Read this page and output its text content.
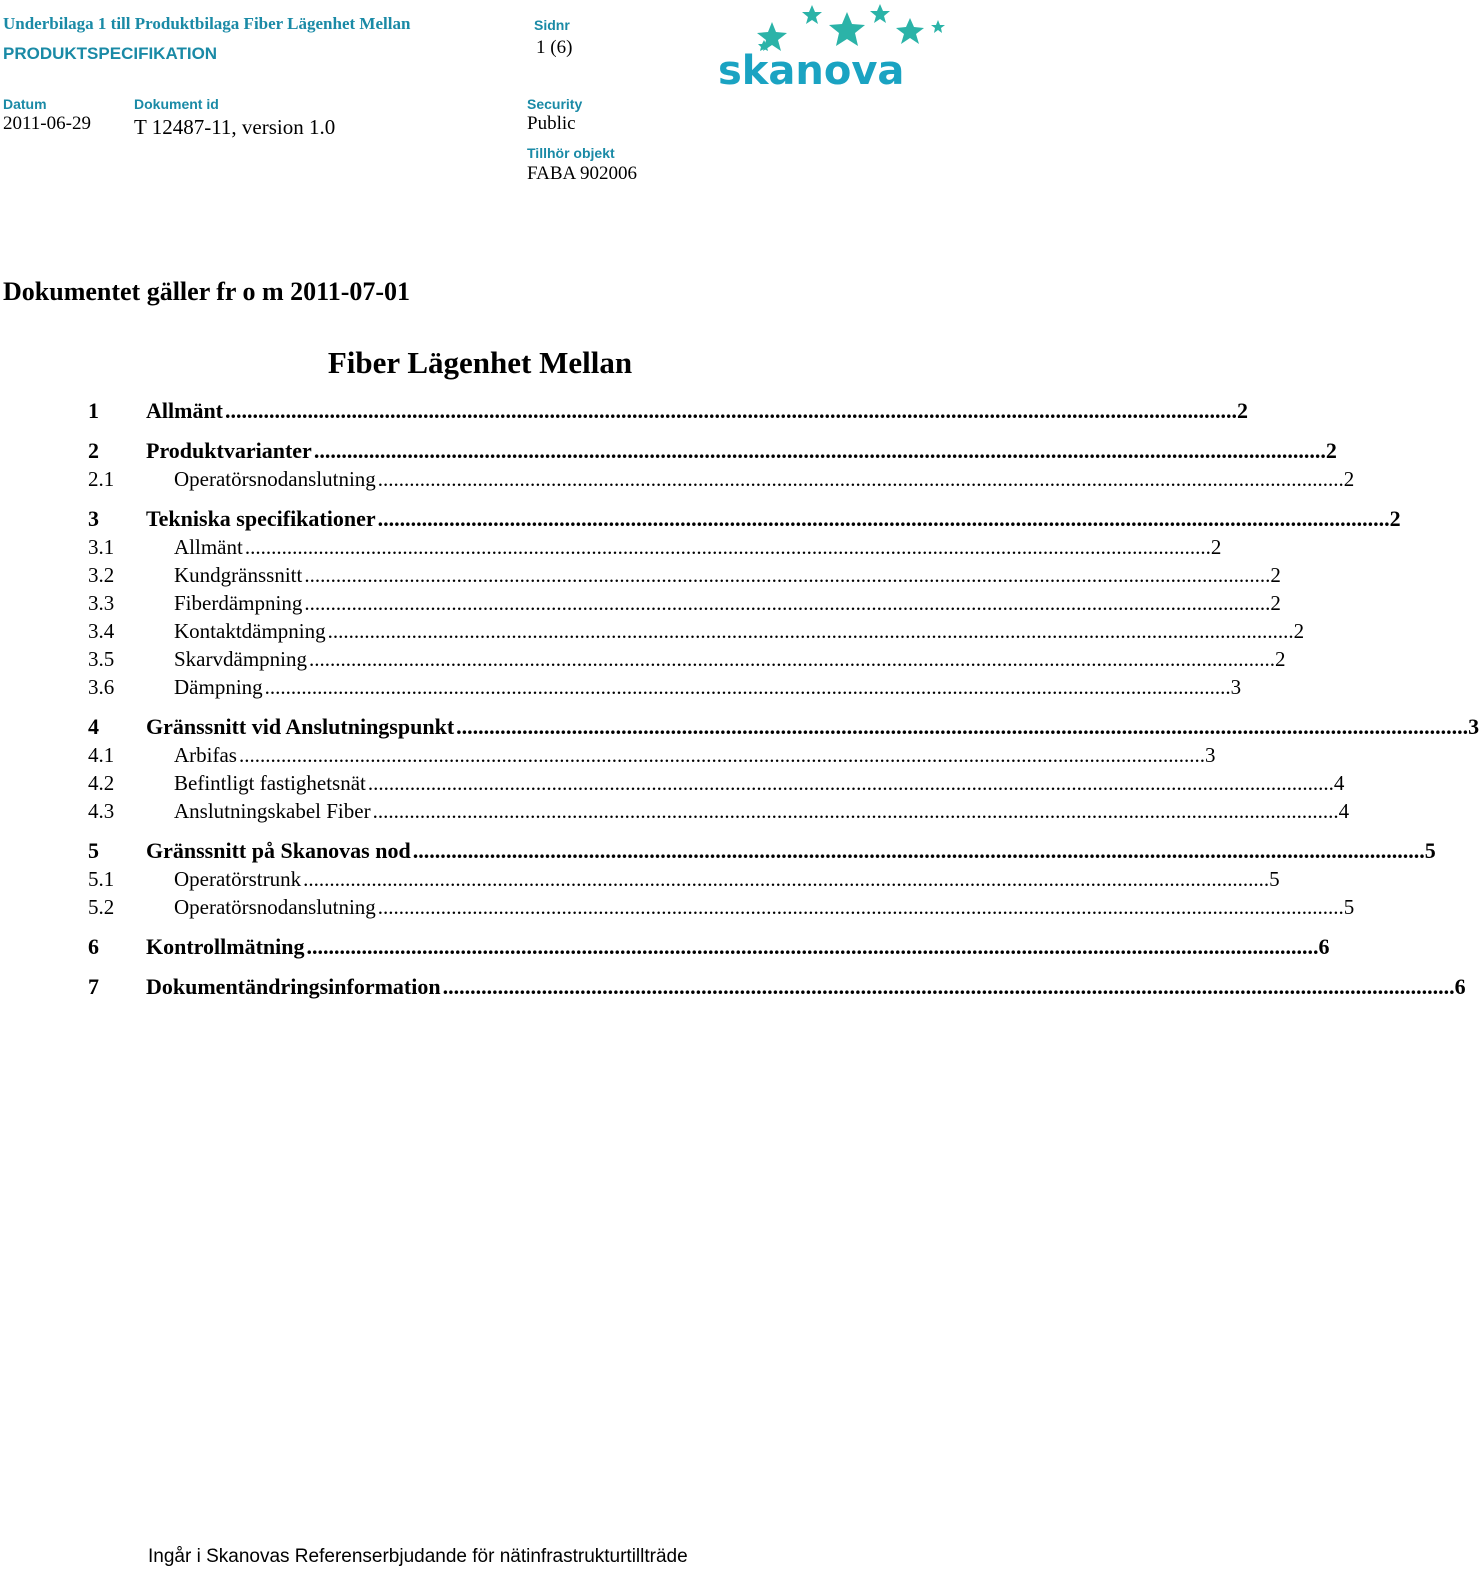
Underbilaga 1 till Produktbilaga Fiber Lägenhet Mellan
PRODUKTSPECIFIKATION
Sidnr
1 (6)
Datum
2011-06-29
Dokument id
T 12487-11, version 1.0
Security
Public
Tillhör objekt
FABA 902006
skanova
Dokumentet gäller fr o m 2011-07-01
Fiber Lägenhet Mellan
1	Allmänt ........................................................................................................................................................................................ 2
2	Produktvarianter ........................................................................................................................................................................................ 2
2.1	Operatörsnodanslutning ........................................................................................................................................................................................ 2
3	Tekniska specifikationer ........................................................................................................................................................................................ 2
3.1	Allmänt ........................................................................................................................................................................................ 2
3.2	Kundgränssnitt ........................................................................................................................................................................................ 2
3.3	Fiberdämpning ........................................................................................................................................................................................ 2
3.4	Kontaktdämpning ........................................................................................................................................................................................ 2
3.5	Skarvdämpning ........................................................................................................................................................................................ 2
3.6	Dämpning ........................................................................................................................................................................................ 3
4	Gränssnitt vid Anslutningspunkt ........................................................................................................................................................................................ 3
4.1	Arbifas ........................................................................................................................................................................................ 3
4.2	Befintligt fastighetsnät ........................................................................................................................................................................................ 4
4.3	Anslutningskabel Fiber ........................................................................................................................................................................................ 4
5	Gränssnitt på Skanovas nod ........................................................................................................................................................................................ 5
5.1	Operatörstrunk ........................................................................................................................................................................................ 5
5.2	Operatörsnodanslutning ........................................................................................................................................................................................ 5
6	Kontrollmätning ........................................................................................................................................................................................ 6
7	Dokumentändringsinformation ........................................................................................................................................................................................ 6
Ingår i Skanovas Referenserbjudande för nätinfrastrukturtillträde
